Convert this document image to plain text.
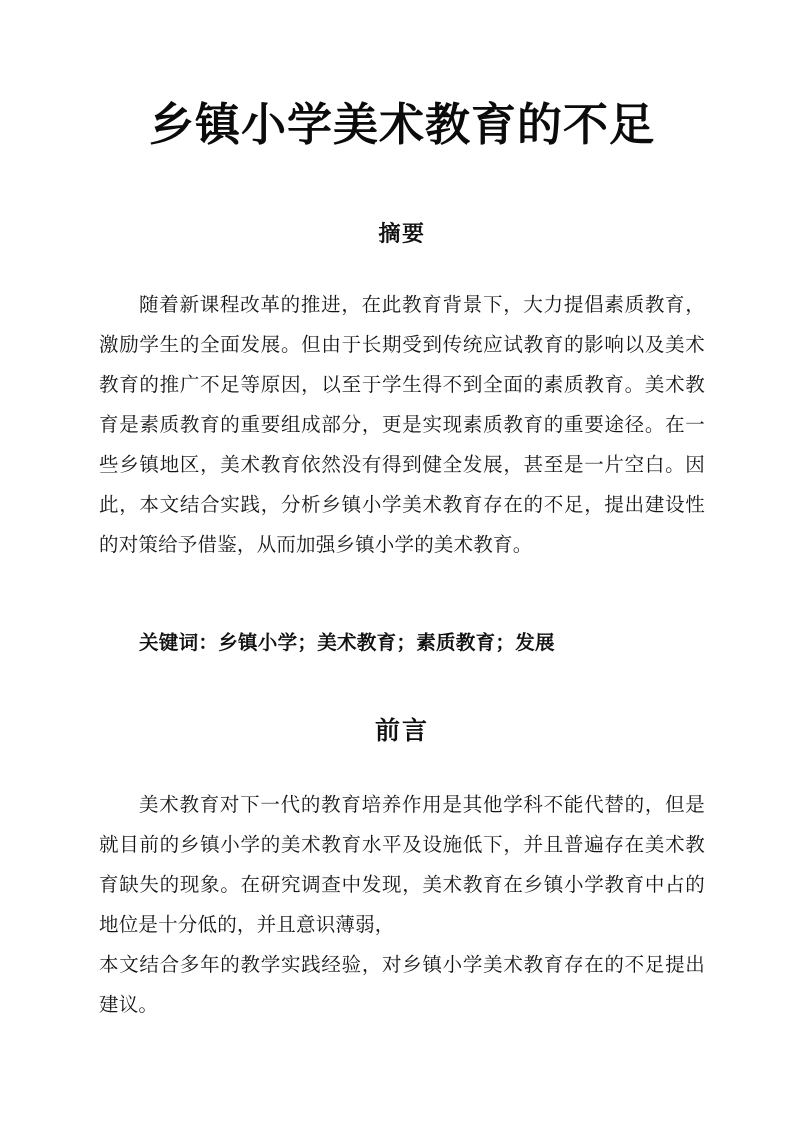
乡镇小学美术教育的不足
摘要

随着新课程改革的推进，在此教育背景下，大力提倡素质教育，激励学生的全面发展。但由于长期受到传统应试教育的影响以及美术教育的推广不足等原因，以至于学生得不到全面的素质教育。美术教育是素质教育的重要组成部分，更是实现素质教育的重要途径。在一些乡镇地区，美术教育依然没有得到健全发展，甚至是一片空白。因此，本文结合实践，分析乡镇小学美术教育存在的不足，提出建设性的对策给予借鉴，从而加强乡镇小学的美术教育。

关键词：乡镇小学；美术教育；素质教育；发展

前言

美术教育对下一代的教育培养作用是其他学科不能代替的，但是就目前的乡镇小学的美术教育水平及设施低下，并且普遍存在美术教育缺失的现象。在研究调查中发现，美术教育在乡镇小学教育中占的地位是十分低的，并且意识薄弱，

本文结合多年的教学实践经验，对乡镇小学美术教育存在的不足提出建议。
